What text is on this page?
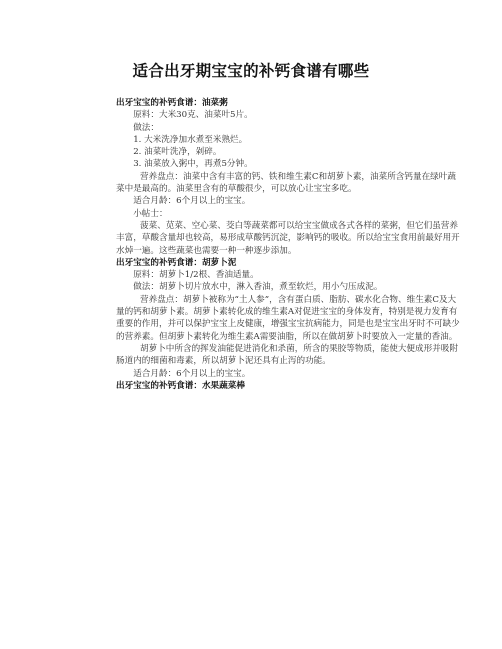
适合出牙期宝宝的补钙食谱有哪些

出牙宝宝的补钙食谱：油菜粥

原料：大米30克、油菜叶5片。

做法：

1. 大米洗净加水煮至米熟烂。

2. 油菜叶洗净，剁碎。

3. 油菜放入粥中，再煮5分钟。

营养盘点：油菜中含有丰富的钙、铁和维生素C和胡萝卜素，油菜所含钙量在绿叶蔬菜中是最高的。油菜里含有的草酸很少，可以放心让宝宝多吃。

适合月龄：6个月以上的宝宝。

小帖士：

菠菜、苋菜、空心菜、茭白等蔬菜都可以给宝宝做成各式各样的菜粥，但它们虽营养丰富，草酸含量却也较高，易形成草酸钙沉淀，影响钙的吸收。所以给宝宝食用前最好用开水焯一遍。这些蔬菜也需要一种一种逐步添加。

出牙宝宝的补钙食谱：胡萝卜泥

原料：胡萝卜1/2根、香油适量。

做法：胡萝卜切片放水中，淋入香油，煮至软烂，用小勺压成泥。

营养盘点：胡萝卜被称为“土人参”，含有蛋白质、脂肪、碳水化合物、维生素C及大量的钙和胡萝卜素。胡萝卜素转化成的维生素A对促进宝宝的身体发育，特别是视力发育有重要的作用，并可以保护宝宝上皮健康，增强宝宝抗病能力，同是也是宝宝出牙时不可缺少的营养素。但胡萝卜素转化为维生素A需要油脂，所以在做胡萝卜时要放入一定量的香油。

胡萝卜中所含的挥发油能促进消化和杀菌，所含的果胶等物质，能使大便成形并吸附肠道内的细菌和毒素，所以胡萝卜泥还具有止泻的功能。

适合月龄：6个月以上的宝宝。

出牙宝宝的补钙食谱：水果蔬菜棒
